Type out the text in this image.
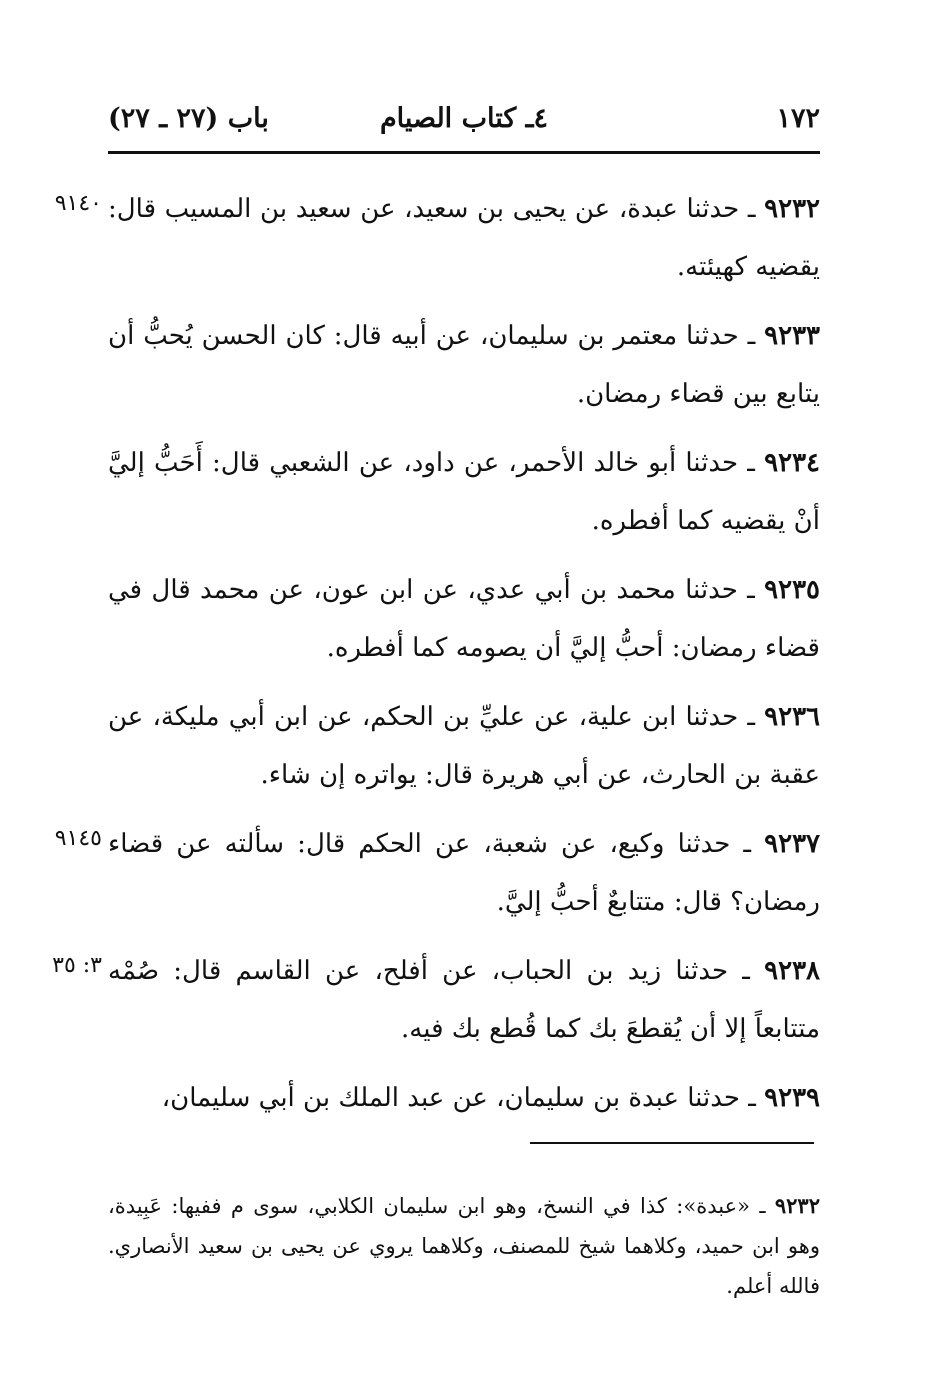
١٧٢
٤ـ كتاب الصيام
باب (٢٧ ـ ٢٧)

٩١٤٠	٩٢٣٢ ـ حدثنا عبدة، عن يحيى بن سعيد، عن سعيد بن المسيب قال: يقضيه كهيئته.

٩٢٣٣ ـ حدثنا معتمر بن سليمان، عن أبيه قال: كان الحسن يُحبُّ أن يتابع بين قضاء رمضان.

٩٢٣٤ ـ حدثنا أبو خالد الأحمر، عن داود، عن الشعبي قال: أَحَبُّ إليَّ أنْ يقضيه كما أفطره.

٩٢٣٥ ـ حدثنا محمد بن أبي عدي، عن ابن عون، عن محمد قال في قضاء رمضان: أحبُّ إليَّ أن يصومه كما أفطره.

٩٢٣٦ ـ حدثنا ابن علية، عن عليِّ بن الحكم، عن ابن أبي مليكة، عن عقبة بن الحارث، عن أبي هريرة قال: يواتره إن شاء.

٩١٤٥	٩٢٣٧ ـ حدثنا وكيع، عن شعبة، عن الحكم قال: سألته عن قضاء رمضان؟ قال: متتابعٌ أحبُّ إليَّ.

٣: ٣٥	٩٢٣٨ ـ حدثنا زيد بن الحباب، عن أفلح، عن القاسم قال: صُمْه متتابعاً إلا أن يُقطعَ بك كما قُطع بك فيه.

٩٢٣٩ ـ حدثنا عبدة بن سليمان، عن عبد الملك بن أبي سليمان،

٩٢٣٢ ـ «عبدة»: كذا في النسخ، وهو ابن سليمان الكلابي، سوى م ففيها: عَبِيدة، وهو ابن حميد، وكلاهما شيخ للمصنف، وكلاهما يروي عن يحيى بن سعيد الأنصاري. فالله أعلم.
